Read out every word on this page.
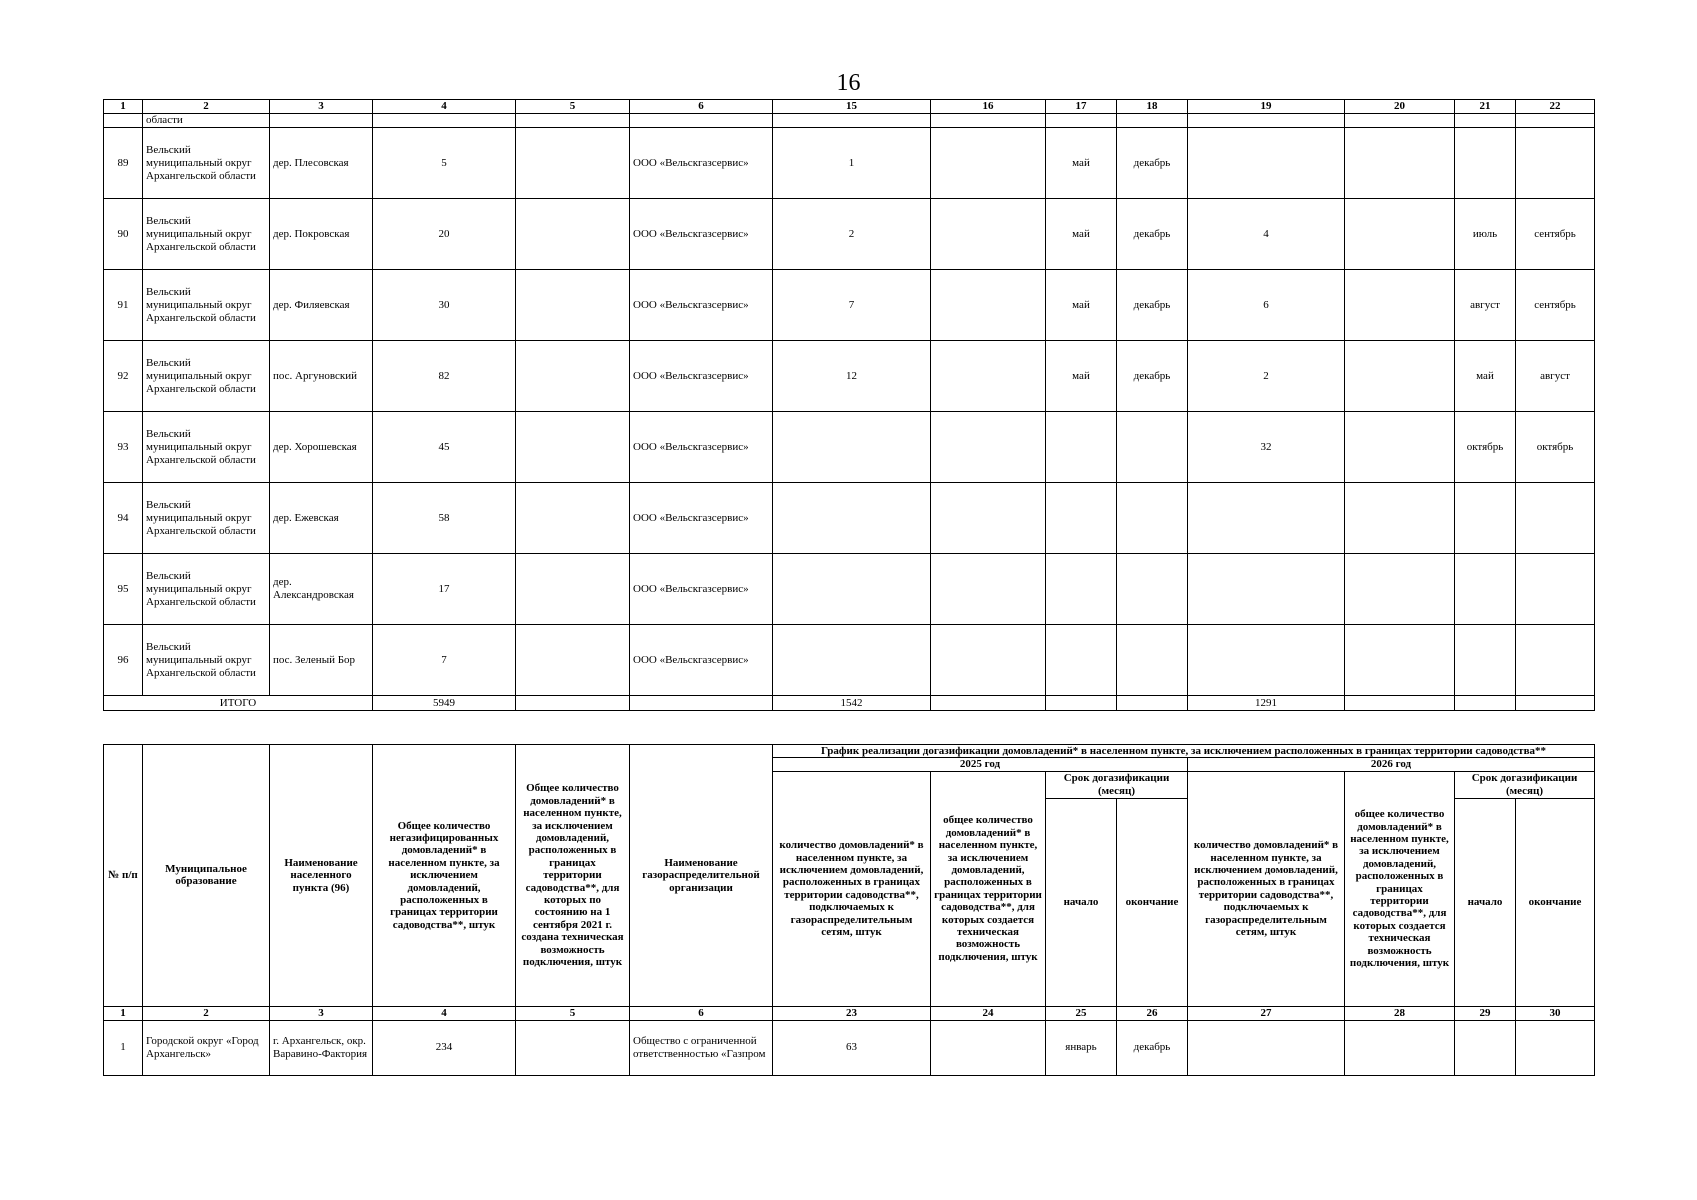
16
1	2	3	4	5	6	15	16	17	18	19	20	21	22
	области												
89	Вельский муниципальный округ Архангельской области	дер. Плесовская	5		ООО «Вельскгазсервис»	1		май	декабрь				
90	Вельский муниципальный округ Архангельской области	дер. Покровская	20		ООО «Вельскгазсервис»	2		май	декабрь	4		июль	сентябрь
91	Вельский муниципальный округ Архангельской области	дер. Филяевская	30		ООО «Вельскгазсервис»	7		май	декабрь	6		август	сентябрь
92	Вельский муниципальный округ Архангельской области	пос. Аргуновский	82		ООО «Вельскгазсервис»	12		май	декабрь	2		май	август
93	Вельский муниципальный округ Архангельской области	дер. Хорошевская	45		ООО «Вельскгазсервис»					32		октябрь	октябрь
94	Вельский муниципальный округ Архангельской области	дер. Ежевская	58		ООО «Вельскгазсервис»								
95	Вельский муниципальный округ Архангельской области	дер. Александровская	17		ООО «Вельскгазсервис»								
96	Вельский муниципальный округ Архангельской области	пос. Зеленый Бор	7		ООО «Вельскгазсервис»								
ИТОГО			5949			1542				1291			
№ п/п	Муниципальное образование	Наименование населенного пункта (96)	Общее количество негазифицированных домовладений* в населенном пункте, за исключением домовладений, расположенных в границах территории садоводства**, штук	Общее количество домовладений* в населенном пункте, за исключением домовладений, расположенных в границах территории садоводства**, для которых по состоянию на 1 сентября 2021 г. создана техническая возможность подключения, штук	Наименование газораспределительной организации	График реализации догазификации домовладений* в населенном пункте, за исключением расположенных в границах территории садоводства**							
						2025 год				2026 год			
						количество домовладений* в населенном пункте, за исключением домовладений, расположенных в границах территории садоводства**, подключаемых к газораспределительным сетям, штук	общее количество домовладений* в населенном пункте, за исключением домовладений, расположенных в границах территории садоводства**, для которых создается техническая возможность подключения, штук	Срок догазификации (месяц)		количество домовладений* в населенном пункте, за исключением домовладений, расположенных в границах территории садоводства**, подключаемых к газораспределительным сетям, штук	общее количество домовладений* в населенном пункте, за исключением домовладений, расположенных в границах территории садоводства**, для которых создается техническая возможность подключения, штук	Срок догазификации (месяц)	
								начало	окончание			начало	окончание
1	2	3	4	5	6	23	24	25	26	27	28	29	30
1	Городской округ «Город Архангельск»	г. Архангельск, окр. Варавино-Фактория	234		Общество с ограниченной ответственностью «Газпром	63		январь	декабрь				
